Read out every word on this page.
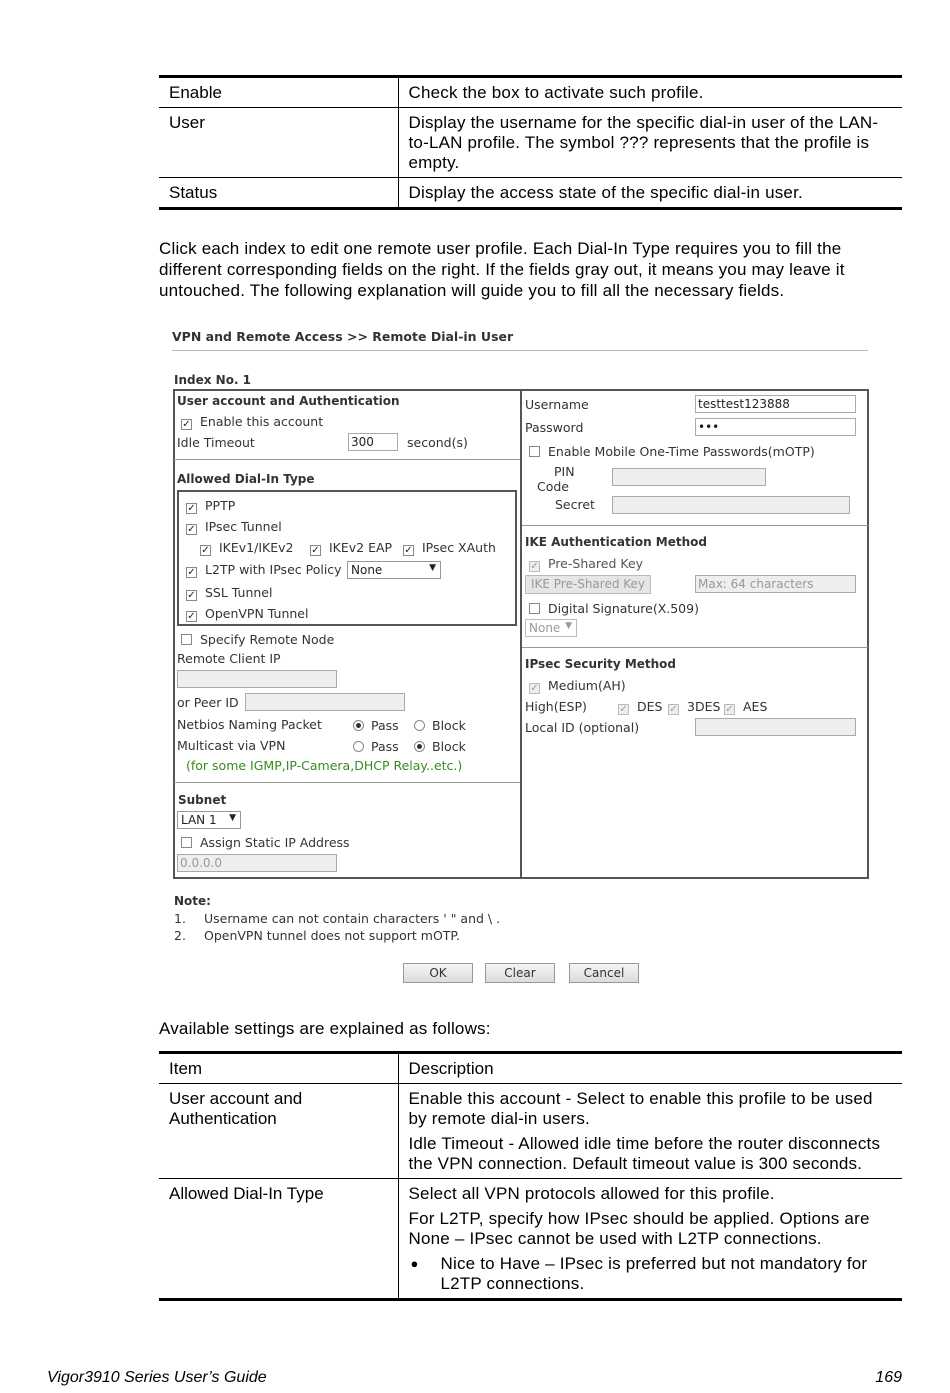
Enable	Check the box to activate such profile.
User	Display the username for the specific dial-in user of the LAN-to-LAN profile. The symbol ??? represents that the profile is empty.
Status	Display the access state of the specific dial-in user.
Click each index to edit one remote user profile. Each Dial-In Type requires you to fill the different corresponding fields on the right. If the fields gray out, it means you may leave it untouched. The following explanation will guide you to fill all the necessary fields.
VPN and Remote Access >> Remote Dial-in User
Index No. 1
User account and Authentication
✓ Enable this account
Idle Timeout	300	second(s)
Allowed Dial-In Type
✓ PPTP
✓ IPsec Tunnel
✓ IKEv1/IKEv2 ✓ IKEv2 EAP ✓ IPsec XAuth
✓ L2TP with IPsec Policy None	▼
✓ SSL Tunnel
✓ OpenVPN Tunnel
Specify Remote Node
Remote Client IP
or Peer ID
Netbios Naming Packet	Pass	Block
Multicast via VPN	Pass	Block
(for some IGMP,IP-Camera,DHCP Relay..etc.)
Subnet
LAN 1 ▼
Assign Static IP Address
0.0.0.0
Username	testtest123888
Password	•••
Enable Mobile One-Time Passwords(mOTP)
PIN
Code
Secret
IKE Authentication Method
✓ Pre-Shared Key
IKE Pre-Shared Key	Max: 64 characters
Digital Signature(X.509)
None ▼
IPsec Security Method
✓ Medium(AH)
High(ESP)	✓ DES ✓ 3DES ✓ AES
Local ID (optional)
Note:
1. Username can not contain characters ' " and \ .
2. OpenVPN tunnel does not support mOTP.
OK	Clear	Cancel
Available settings are explained as follows:
Item	Description
User account and Authentication	Enable this account - Select to enable this profile to be used by remote dial-in users.

Idle Timeout - Allowed idle time before the router disconnects the VPN connection. Default timeout value is 300 seconds.

Allowed Dial-In Type	Select all VPN protocols allowed for this profile.

For L2TP, specify how IPsec should be applied. Options are
None – IPsec cannot be used with L2TP connections.

● Nice to Have – IPsec is preferred but not mandatory for L2TP connections.
Vigor3910 Series User’s Guide	169
